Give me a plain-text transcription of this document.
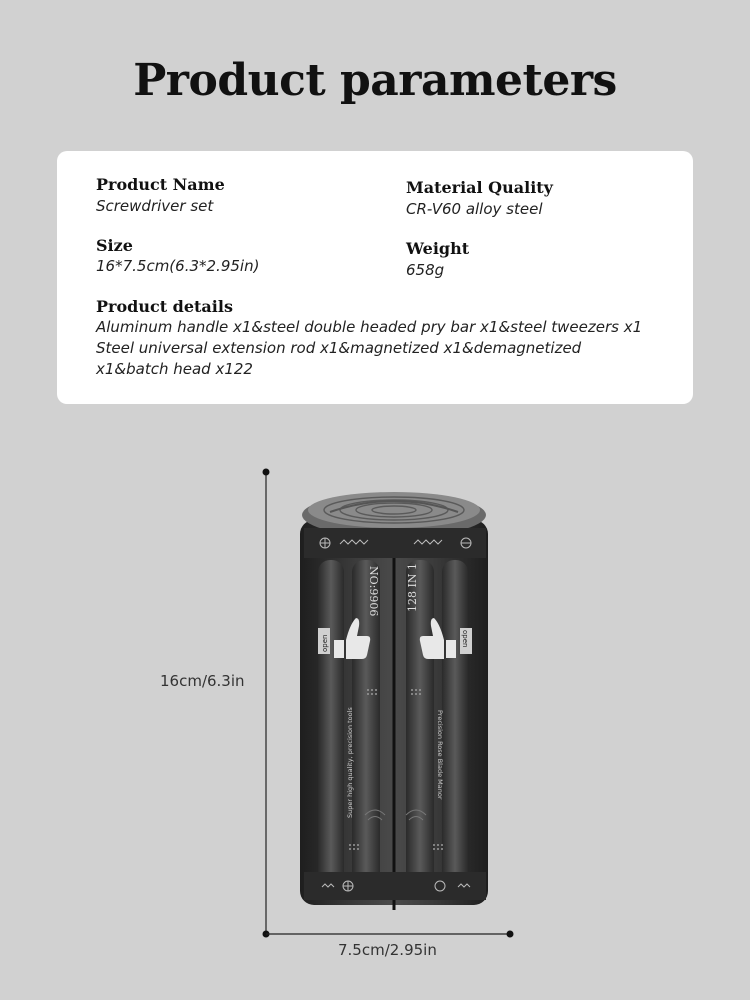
Product parameters
Product Name
Screwdriver set
Material Quality
CR-V60 alloy steel
Size
16*7.5cm(6.3*2.95in)
Weight
658g
Product details
Aluminum handle x1&steel double headed pry bar x1&steel tweezers x1
Steel universal extension rod x1&magnetized x1&demagnetized
x1&batch head x122
16cm/6.3in
7.5cm/2.95in
open	open
NO:9906 128 IN 1
Super high quality, precision tools	Precision Rose Blade Manor
